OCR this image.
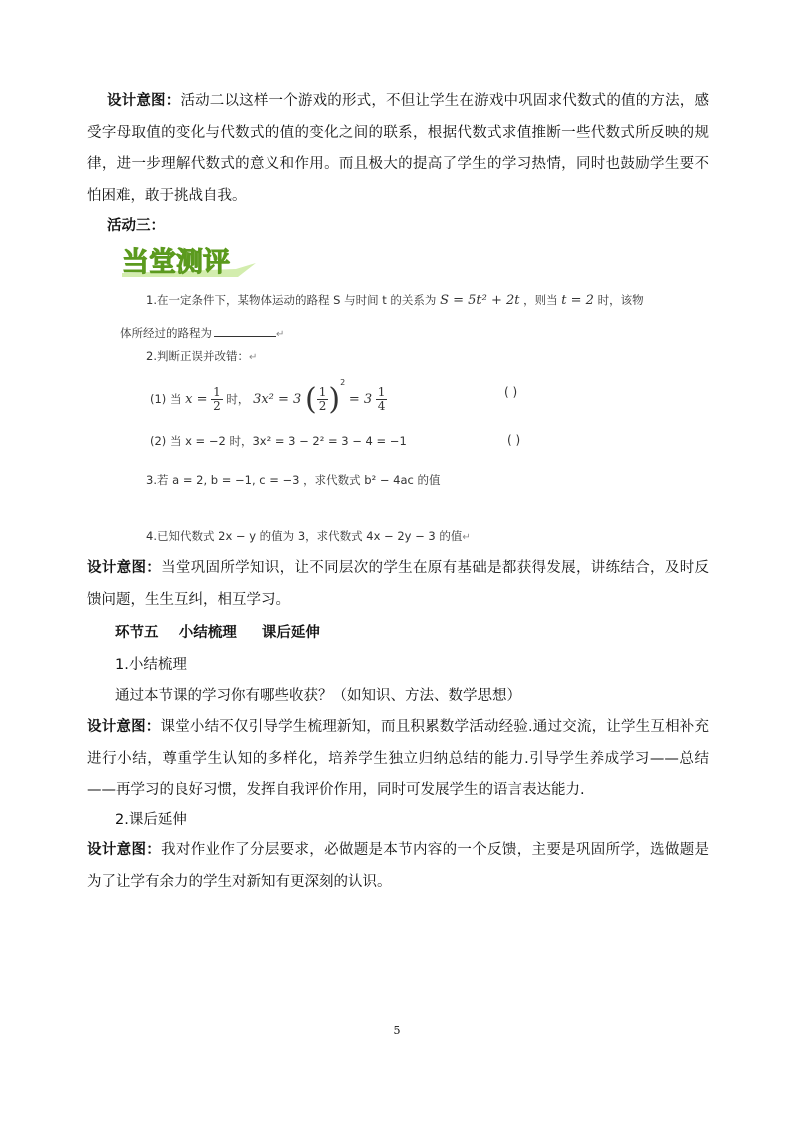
设计意图：活动二以这样一个游戏的形式，不但让学生在游戏中巩固求代数式的值的方法，感受字母取值的变化与代数式的值的变化之间的联系，根据代数式求值推断一些代数式所反映的规律，进一步理解代数式的意义和作用。而且极大的提高了学生的学习热情，同时也鼓励学生要不怕困难，敢于挑战自我。

活动三：
当堂测评
1.在一定条件下，某物体运动的路程 S 与时间 t 的关系为 S = 5t² + 2t ，则当 t = 2 时，该物
体所经过的路程为	↵
2.判断正误并改错：↵
(1) 当 $x = \frac{1}{2}$ 时， 3x² = 3 ( $\frac{1}{2} )^2 = 3 \frac{1}{4}$	( )
(2) 当 x = −2 时，3x² = 3 − 2² = 3 − 4 = −1	( )
3.若 a = 2, b = −1, c = −3 ，求代数式 b² − 4ac 的值
4.已知代数式 2x − y 的值为 3，求代数式 4x − 2y − 3 的值↵

设计意图：当堂巩固所学知识，让不同层次的学生在原有基础是都获得发展，讲练结合，及时反馈问题，生生互纠，相互学习。

环节五    小结梳理     课后延伸
1.小结梳理
通过本节课的学习你有哪些收获？（如知识、方法、数学思想）

设计意图：课堂小结不仅引导学生梳理新知，而且积累数学活动经验.通过交流，让学生互相补充进行小结，尊重学生认知的多样化，培养学生独立归纳总结的能力.引导学生养成学习——总结——再学习的良好习惯，发挥自我评价作用，同时可发展学生的语言表达能力.

2.课后延伸

设计意图：我对作业作了分层要求，必做题是本节内容的一个反馈，主要是巩固所学，选做题是为了让学有余力的学生对新知有更深刻的认识。

5
